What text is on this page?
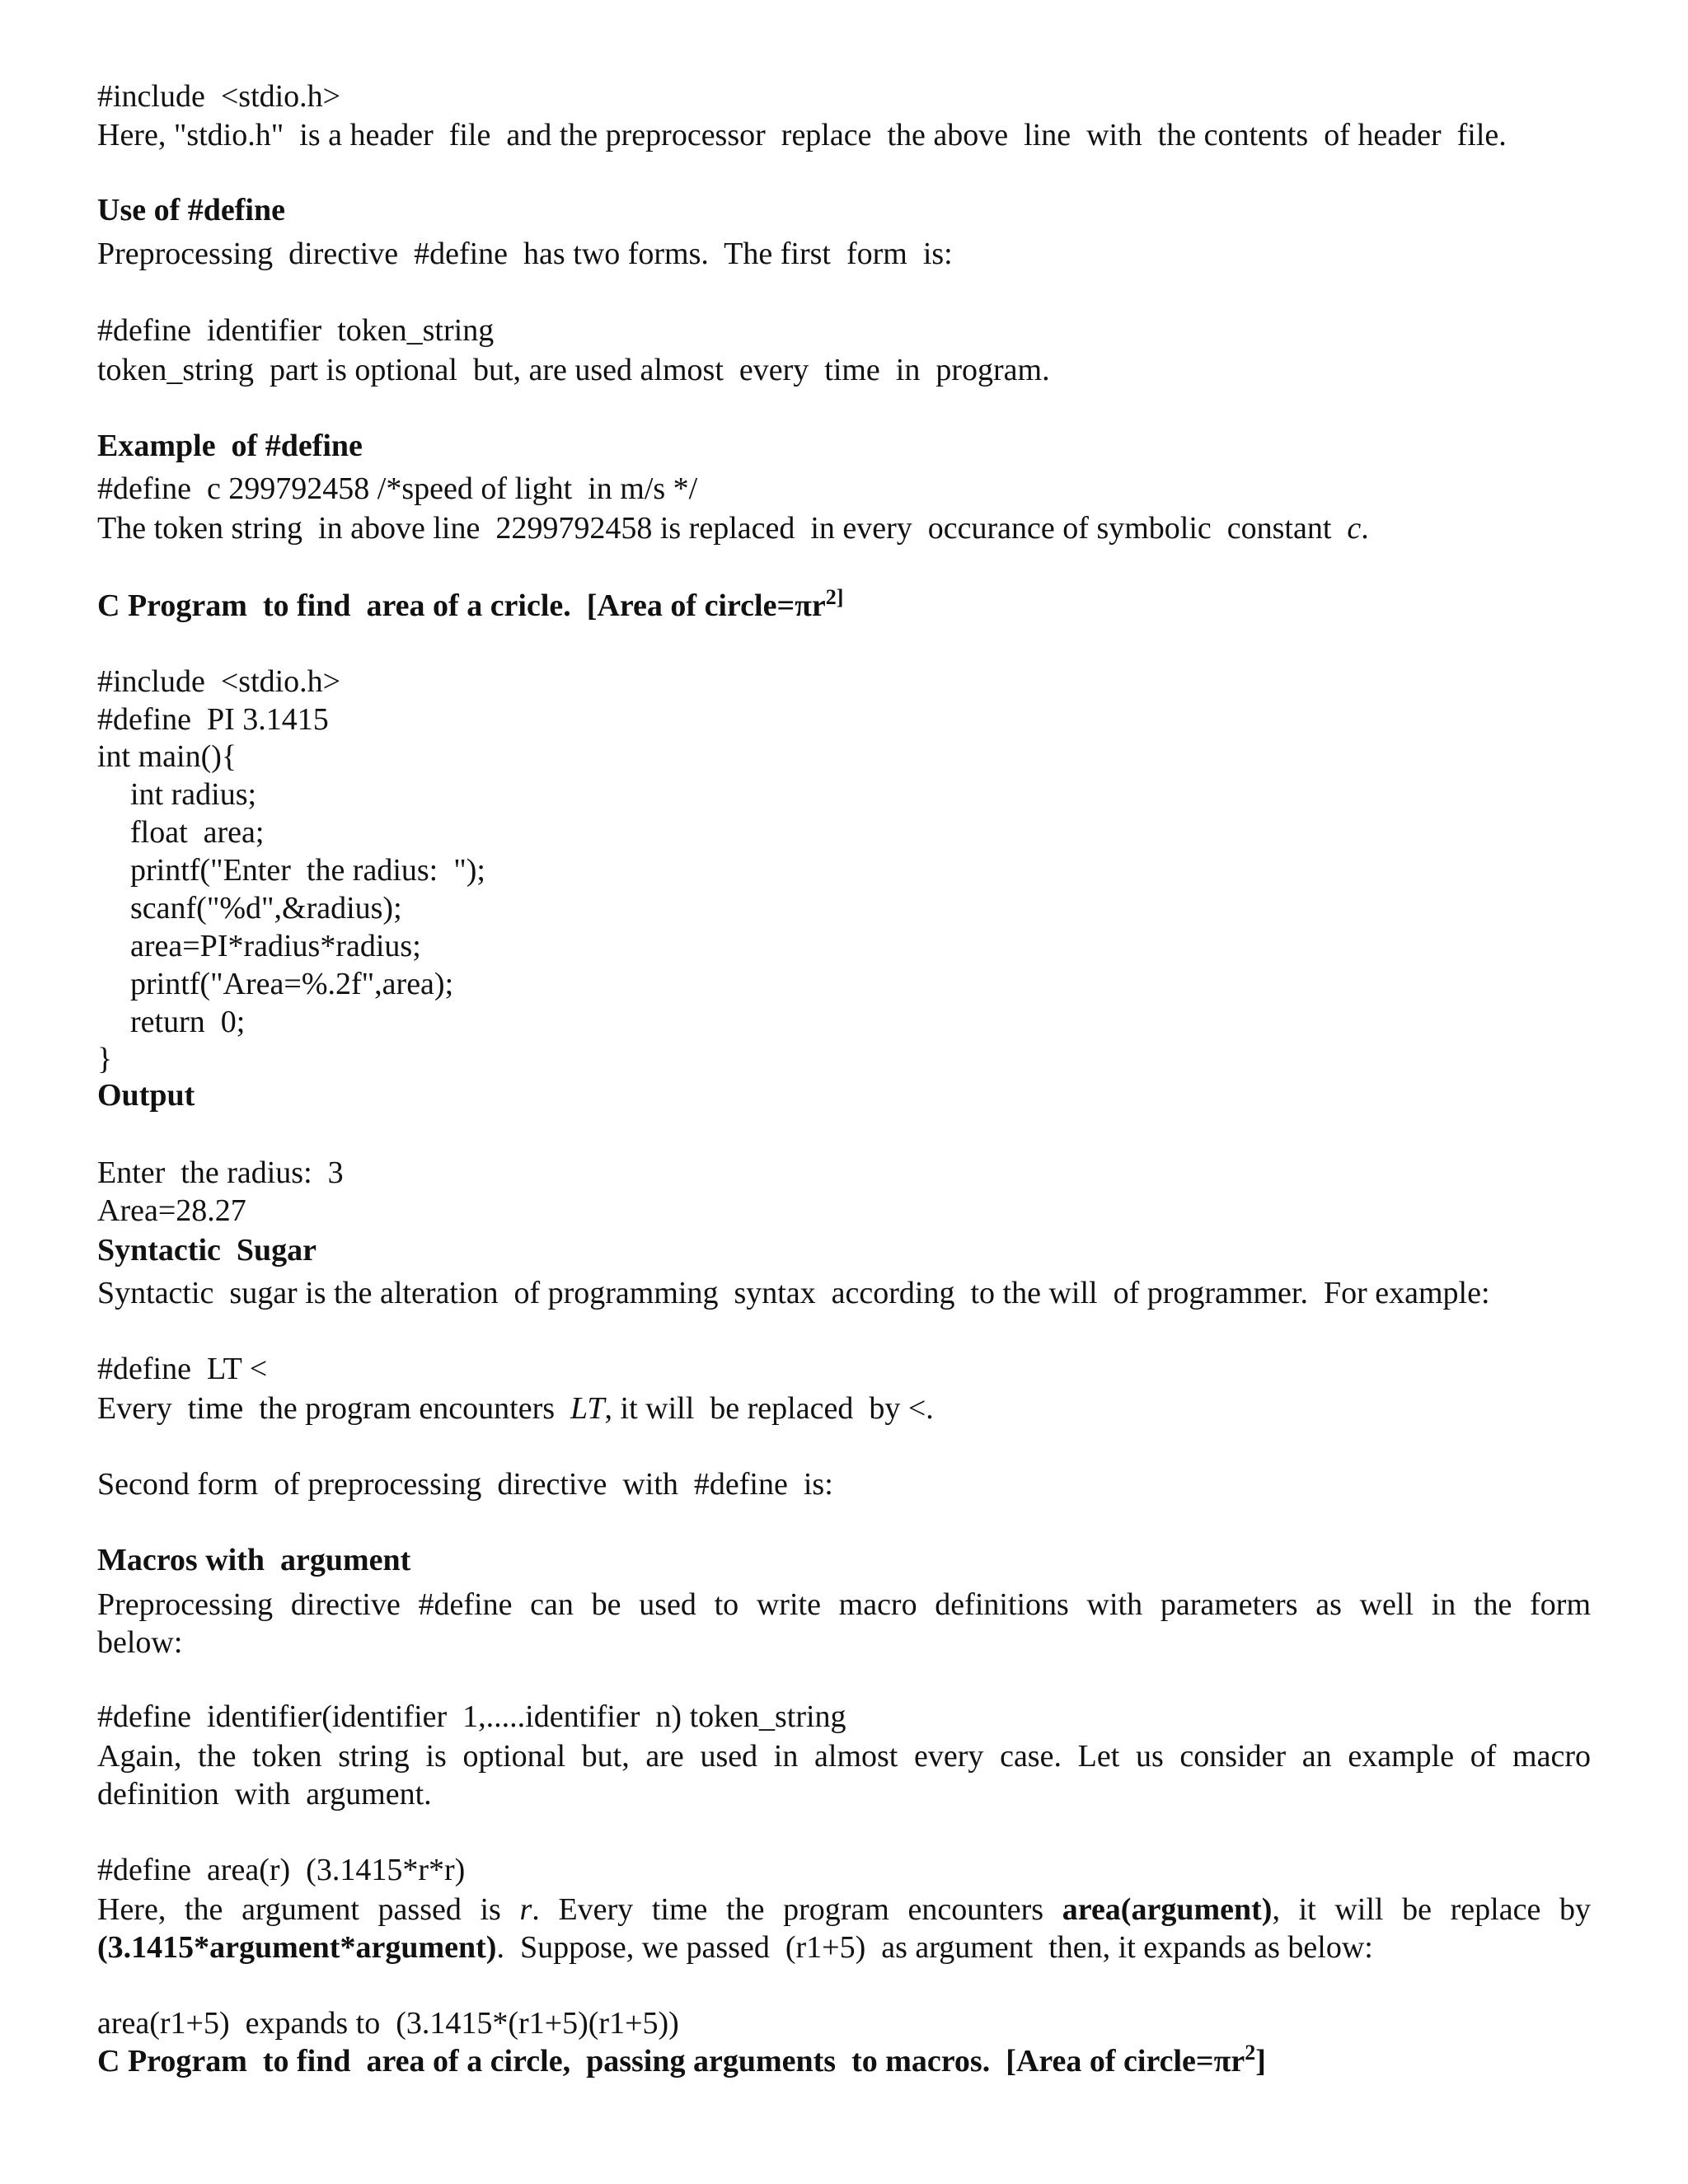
#include  <stdio.h>
Here, "stdio.h"  is a header  file  and the preprocessor  replace  the above  line  with  the contents  of header  file.
Use of #define
Preprocessing  directive  #define  has two forms.  The first  form  is:
#define  identifier  token_string
token_string  part is optional  but, are used almost  every  time  in  program.
Example  of #define
#define  c 299792458 /*speed of light  in m/s */
The token string  in above line  2299792458 is replaced  in every  occurance of symbolic  constant  c.
C Program  to find  area of a cricle.  [Area of $circle=\pi r^{2]}$
#include  <stdio.h>
#define  PI 3.1415
int main(){
int radius;
float  area;
printf("Enter  the radius:  ");
scanf("%d",&radius);
area=PI*radius*radius;
printf("Area=%.2f",area);
return  0;
}
Output
Enter  the radius:  3
Area=28.27
Syntactic  Sugar
Syntactic  sugar is the alteration  of programming  syntax  according  to the will  of programmer.  For example:
#define  LT <
Every  time  the program encounters  LT, it will  be replaced  by <.
Second form  of preprocessing  directive  with  #define  is:
Macros with  argument
Preprocessing directive #define can be used to write macro definitions with parameters as well in the form
below:
#define  identifier(identifier  1,.....identifier  n) token_string
Again, the token string is optional but, are used in almost every case. Let us consider an example of macro
definition  with  argument.
#define  area(r)  (3.1415*r*r)
Here, the argument passed is r. Every time the program encounters area(argument), it will be replace by
(3.1415*argument*argument).  Suppose, we passed  (r1+5)  as argument  then, it expands as below:
area(r1+5)  expands to  (3.1415*(r1+5)(r1+5))
C Program  to find  area of a circle,  passing arguments  to macros.  [Area of $circle=\pi r^2$]
